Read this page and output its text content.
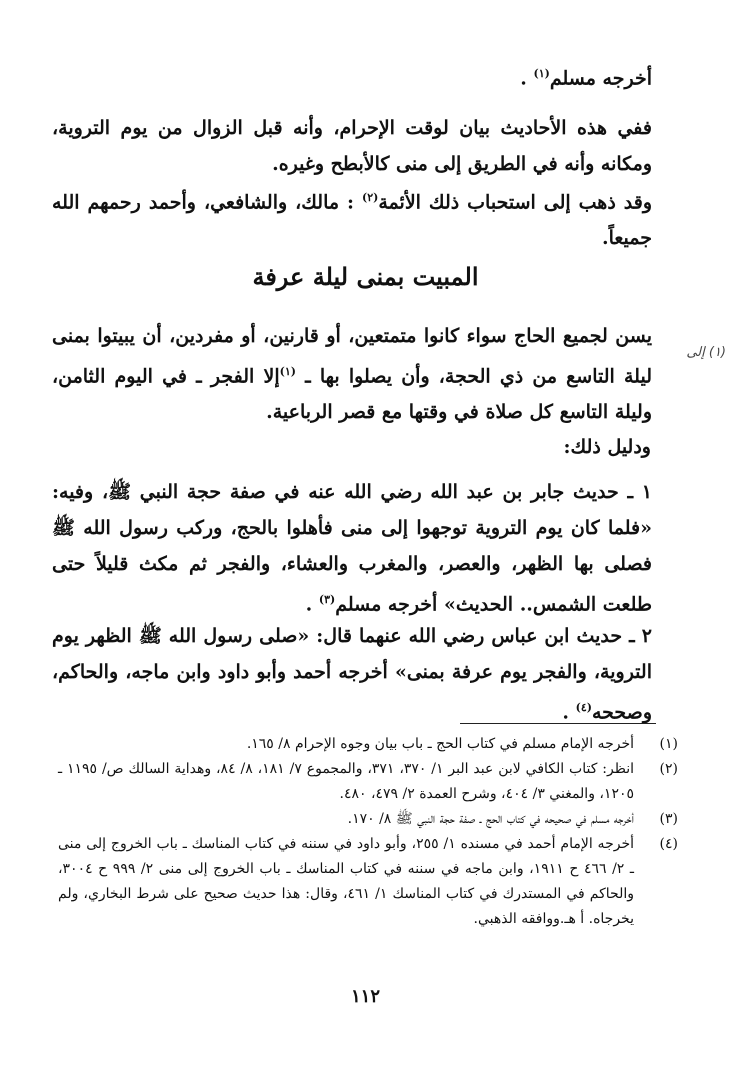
أخرجه مسلم$^{(١)}$ .

ففي هذه الأحاديث بيان لوقت الإحرام، وأنه قبل الزوال من يوم التروية، ومكانه وأنه في الطريق إلى منى كالأبطح وغيره.

وقد ذهب إلى استحباب ذلك الأئمة$^{(٢)}$ : مالك، والشافعي، وأحمد رحمهم الله جميعاً.

المبيت بمنى ليلة عرفة
(١) إلى

يسن لجميع الحاج سواء كانوا متمتعين، أو قارنين، أو مفردين، أن يبيتوا بمنى ليلة التاسع من ذي الحجة، وأن يصلوا بها ـ $^{(١)}$إلا الفجر ـ في اليوم الثامن، وليلة التاسع كل صلاة في وقتها مع قصر الرباعية.

ودليل ذلك:

١ ـ حديث جابر بن عبد الله رضي الله عنه في صفة حجة النبي ﷺ، وفيه: «فلما كان يوم التروية توجهوا إلى منى فأهلوا بالحج، وركب رسول الله ﷺ فصلى بها الظهر، والعصر، والمغرب والعشاء، والفجر ثم مكث قليلاً حتى طلعت الشمس.. الحديث» أخرجه مسلم$^{(٣)}$ .

٢ ـ حديث ابن عباس رضي الله عنهما قال: «صلى رسول الله ﷺ الظهر يوم التروية، والفجر يوم عرفة بمنى» أخرجه أحمد وأبو داود وابن ماجه، والحاكم، وصححه$^{(٤)}$ .

(١)
أخرجه الإمام مسلم في كتاب الحج ـ باب بيان وجوه الإحرام ٨/ ١٦٥.
(٢)
انظر: كتاب الكافي لابن عبد البر ١/ ٣٧٠، ٣٧١، والمجموع ٧/ ١٨١، ٨/ ٨٤، وهداية السالك ص/ ١١٩٥ ـ ١٢٠٥، والمغني ٣/ ٤٠٤، وشرح العمدة ٢/ ٤٧٩، ٤٨٠.
(٣)
أخرجه مسلم في صحيحه في كتاب الحج ـ صفة حجة النبي ﷺ ٨/ ١٧٠.
(٤)
أخرجه الإمام أحمد في مسنده ١/ ٢٥٥، وأبو داود في سننه في كتاب المناسك ـ باب الخروج إلى منى ـ ٢/ ٤٦٦ ح ١٩١١، وابن ماجه في سننه في كتاب المناسك ـ باب الخروج إلى منى ٢/ ٩٩٩ ح ٣٠٠٤، والحاكم في المستدرك في كتاب المناسك ١/ ٤٦١، وقال: هذا حديث صحيح على شرط البخاري، ولم يخرجاه. أ هـ.ووافقه الذهبي.
١١٢
